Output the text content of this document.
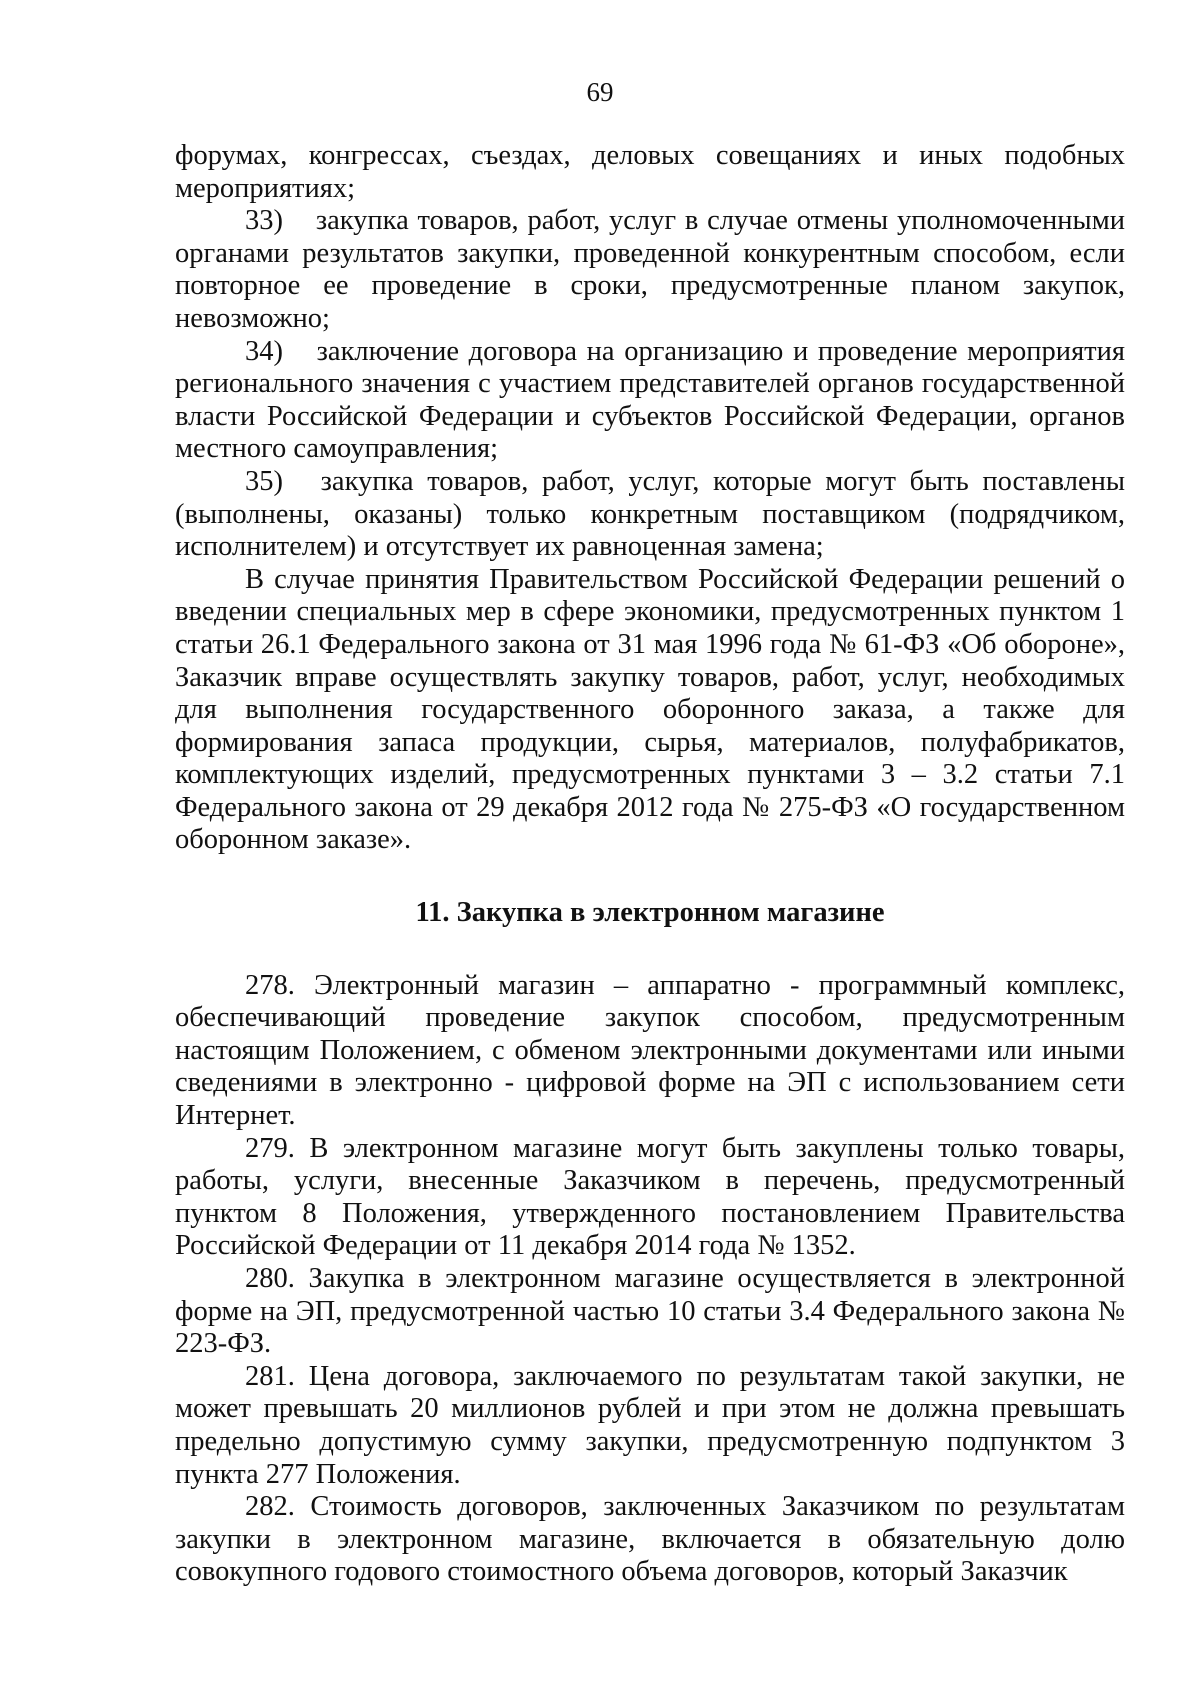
69

форумах, конгрессах, съездах, деловых совещаниях и иных подобных мероприятиях;

33) закупка товаров, работ, услуг в случае отмены уполномоченными органами результатов закупки, проведенной конкурентным способом, если повторное ее проведение в сроки, предусмотренные планом закупок, невозможно;

34) заключение договора на организацию и проведение мероприятия регионального значения с участием представителей органов государственной власти Российской Федерации и субъектов Российской Федерации, органов местного самоуправления;

35) закупка товаров, работ, услуг, которые могут быть поставлены (выполнены, оказаны) только конкретным поставщиком (подрядчиком, исполнителем) и отсутствует их равноценная замена;

В случае принятия Правительством Российской Федерации решений о введении специальных мер в сфере экономики, предусмотренных пунктом 1 статьи 26.1 Федерального закона от 31 мая 1996 года № 61-ФЗ «Об обороне», Заказчик вправе осуществлять закупку товаров, работ, услуг, необходимых для выполнения государственного оборонного заказа, а также для формирования запаса продукции, сырья, материалов, полуфабрикатов, комплектующих изделий, предусмотренных пунктами 3 – 3.2 статьи 7.1 Федерального закона от 29 декабря 2012 года № 275-ФЗ «О государственном оборонном заказе».

11. Закупка в электронном магазине

278. Электронный магазин – аппаратно - программный комплекс, обеспечивающий проведение закупок способом, предусмотренным настоящим Положением, с обменом электронными документами или иными сведениями в электронно - цифровой форме на ЭП с использованием сети Интернет.

279. В электронном магазине могут быть закуплены только товары, работы, услуги, внесенные Заказчиком в перечень, предусмотренный пунктом 8 Положения, утвержденного постановлением Правительства Российской Федерации от 11 декабря 2014 года № 1352.

280. Закупка в электронном магазине осуществляется в электронной форме на ЭП, предусмотренной частью 10 статьи 3.4 Федерального закона № 223-ФЗ.

281. Цена договора, заключаемого по результатам такой закупки, не может превышать 20 миллионов рублей и при этом не должна превышать предельно допустимую сумму закупки, предусмотренную подпунктом 3 пункта 277 Положения.

282. Стоимость договоров, заключенных Заказчиком по результатам закупки в электронном магазине, включается в обязательную долю совокупного годового стоимостного объема договоров, который Заказчик
